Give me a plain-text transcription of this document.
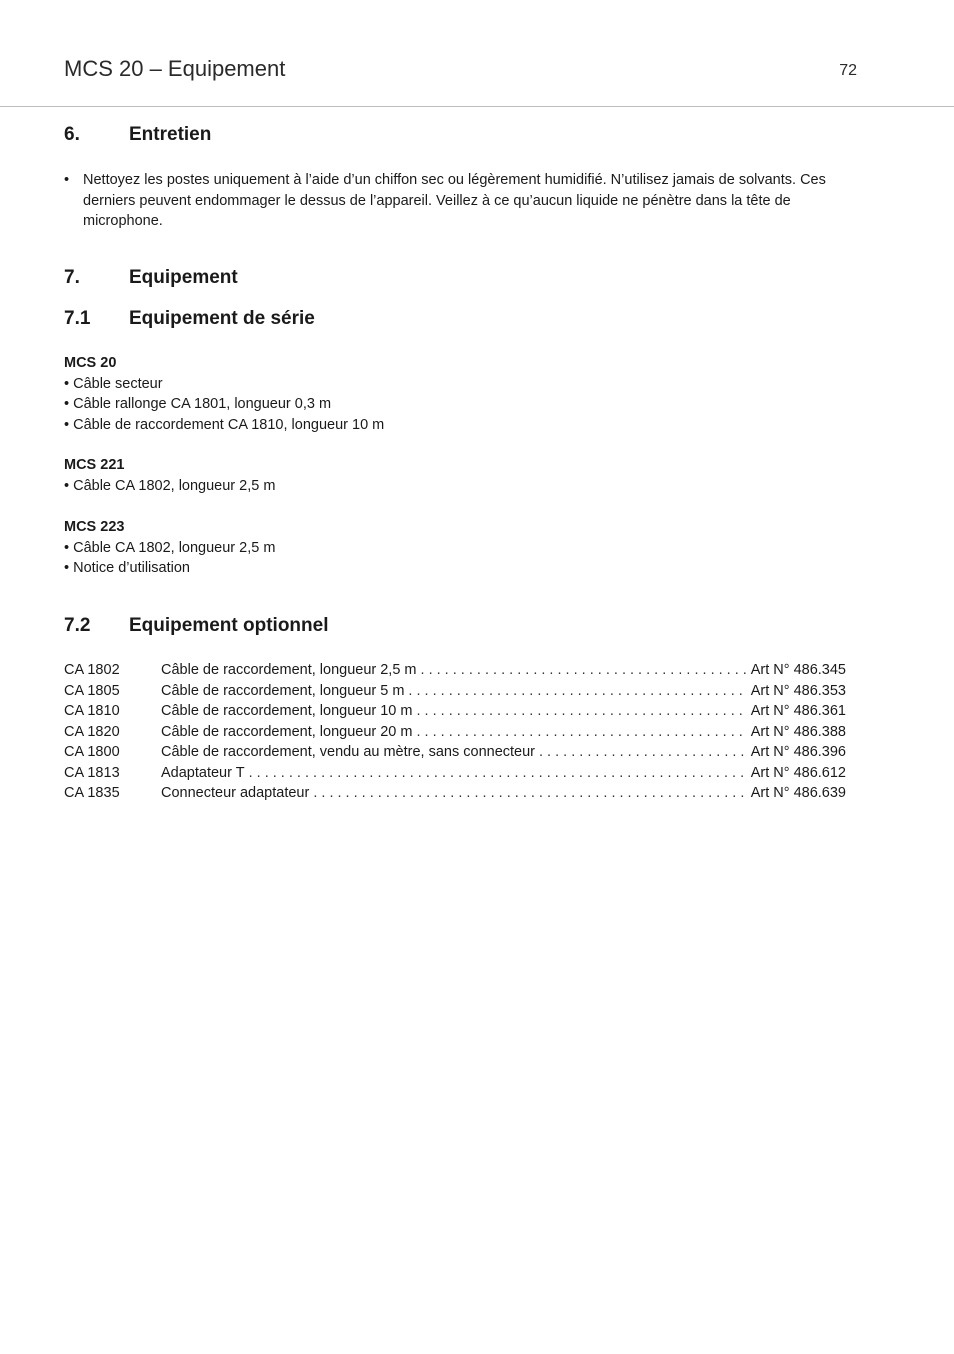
MCS 20 – Equipement	72
6.	Entretien
• Nettoyez les postes uniquement à l’aide d’un chiffon sec ou légèrement humidifié. N’utilisez jamais de solvants. Ces derniers peuvent endommager le dessus de l’appareil. Veillez à ce qu’aucun liquide ne pénètre dans la tête de microphone.
7.	Equipement
7.1 Equipement de série
MCS 20
• Câble secteur
• Câble rallonge CA 1801, longueur 0,3 m
• Câble de raccordement CA 1810, longueur 10 m
MCS 221
• Câble CA 1802, longueur 2,5 m
MCS 223
• Câble CA 1802, longueur 2,5 m
• Notice d’utilisation
7.2 Equipement optionnel
CA 1802	Câble de raccordement, longueur 2,5 m . . .	Art N° 486.345
CA 1805	Câble de raccordement, longueur 5 m . . .	Art N° 486.353
CA 1810	Câble de raccordement, longueur 10 m . . .	Art N° 486.361
CA 1820	Câble de raccordement, longueur 20 m . . .	Art N° 486.388
CA 1800	Câble de raccordement, vendu au mètre, sans connecteur . . .	Art N° 486.396
CA 1813	Adaptateur T . . .	Art N° 486.612
CA 1835	Connecteur adaptateur . . .	Art N° 486.639
